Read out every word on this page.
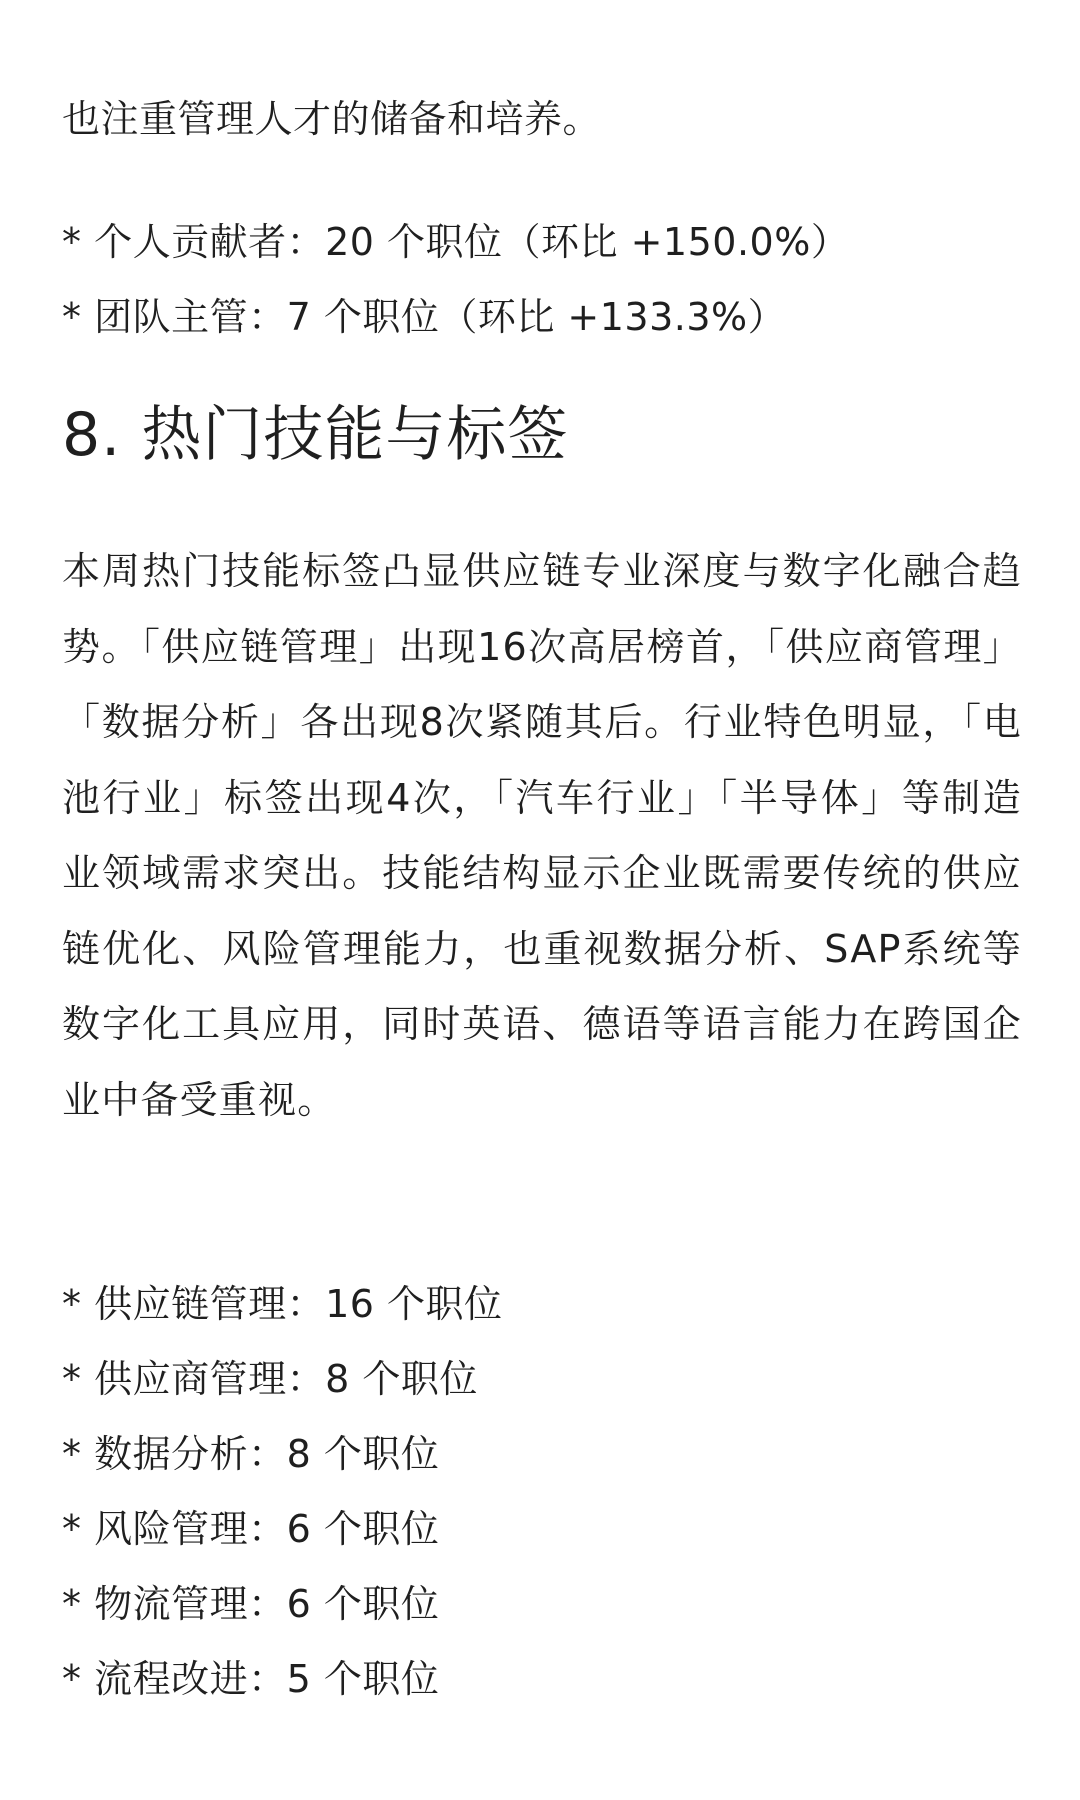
也注重管理人才的储备和培养。

* 个人贡献者：20 个职位（环比 +150.0%）
* 团队主管：7 个职位（环比 +133.3%）
8. 热门技能与标签

本周热门技能标签凸显供应链专业深度与数字化融合趋势。「供应链管理」出现16次高居榜首，「供应商管理」「数据分析」各出现8次紧随其后。行业特色明显，「电池行业」标签出现4次，「汽车行业」「半导体」等制造业领域需求突出。技能结构显示企业既需要传统的供应链优化、风险管理能力，也重视数据分析、SAP系统等数字化工具应用，同时英语、德语等语言能力在跨国企业中备受重视。

* 供应链管理：16 个职位
* 供应商管理：8 个职位
* 数据分析：8 个职位
* 风险管理：6 个职位
* 物流管理：6 个职位
* 流程改进：5 个职位
